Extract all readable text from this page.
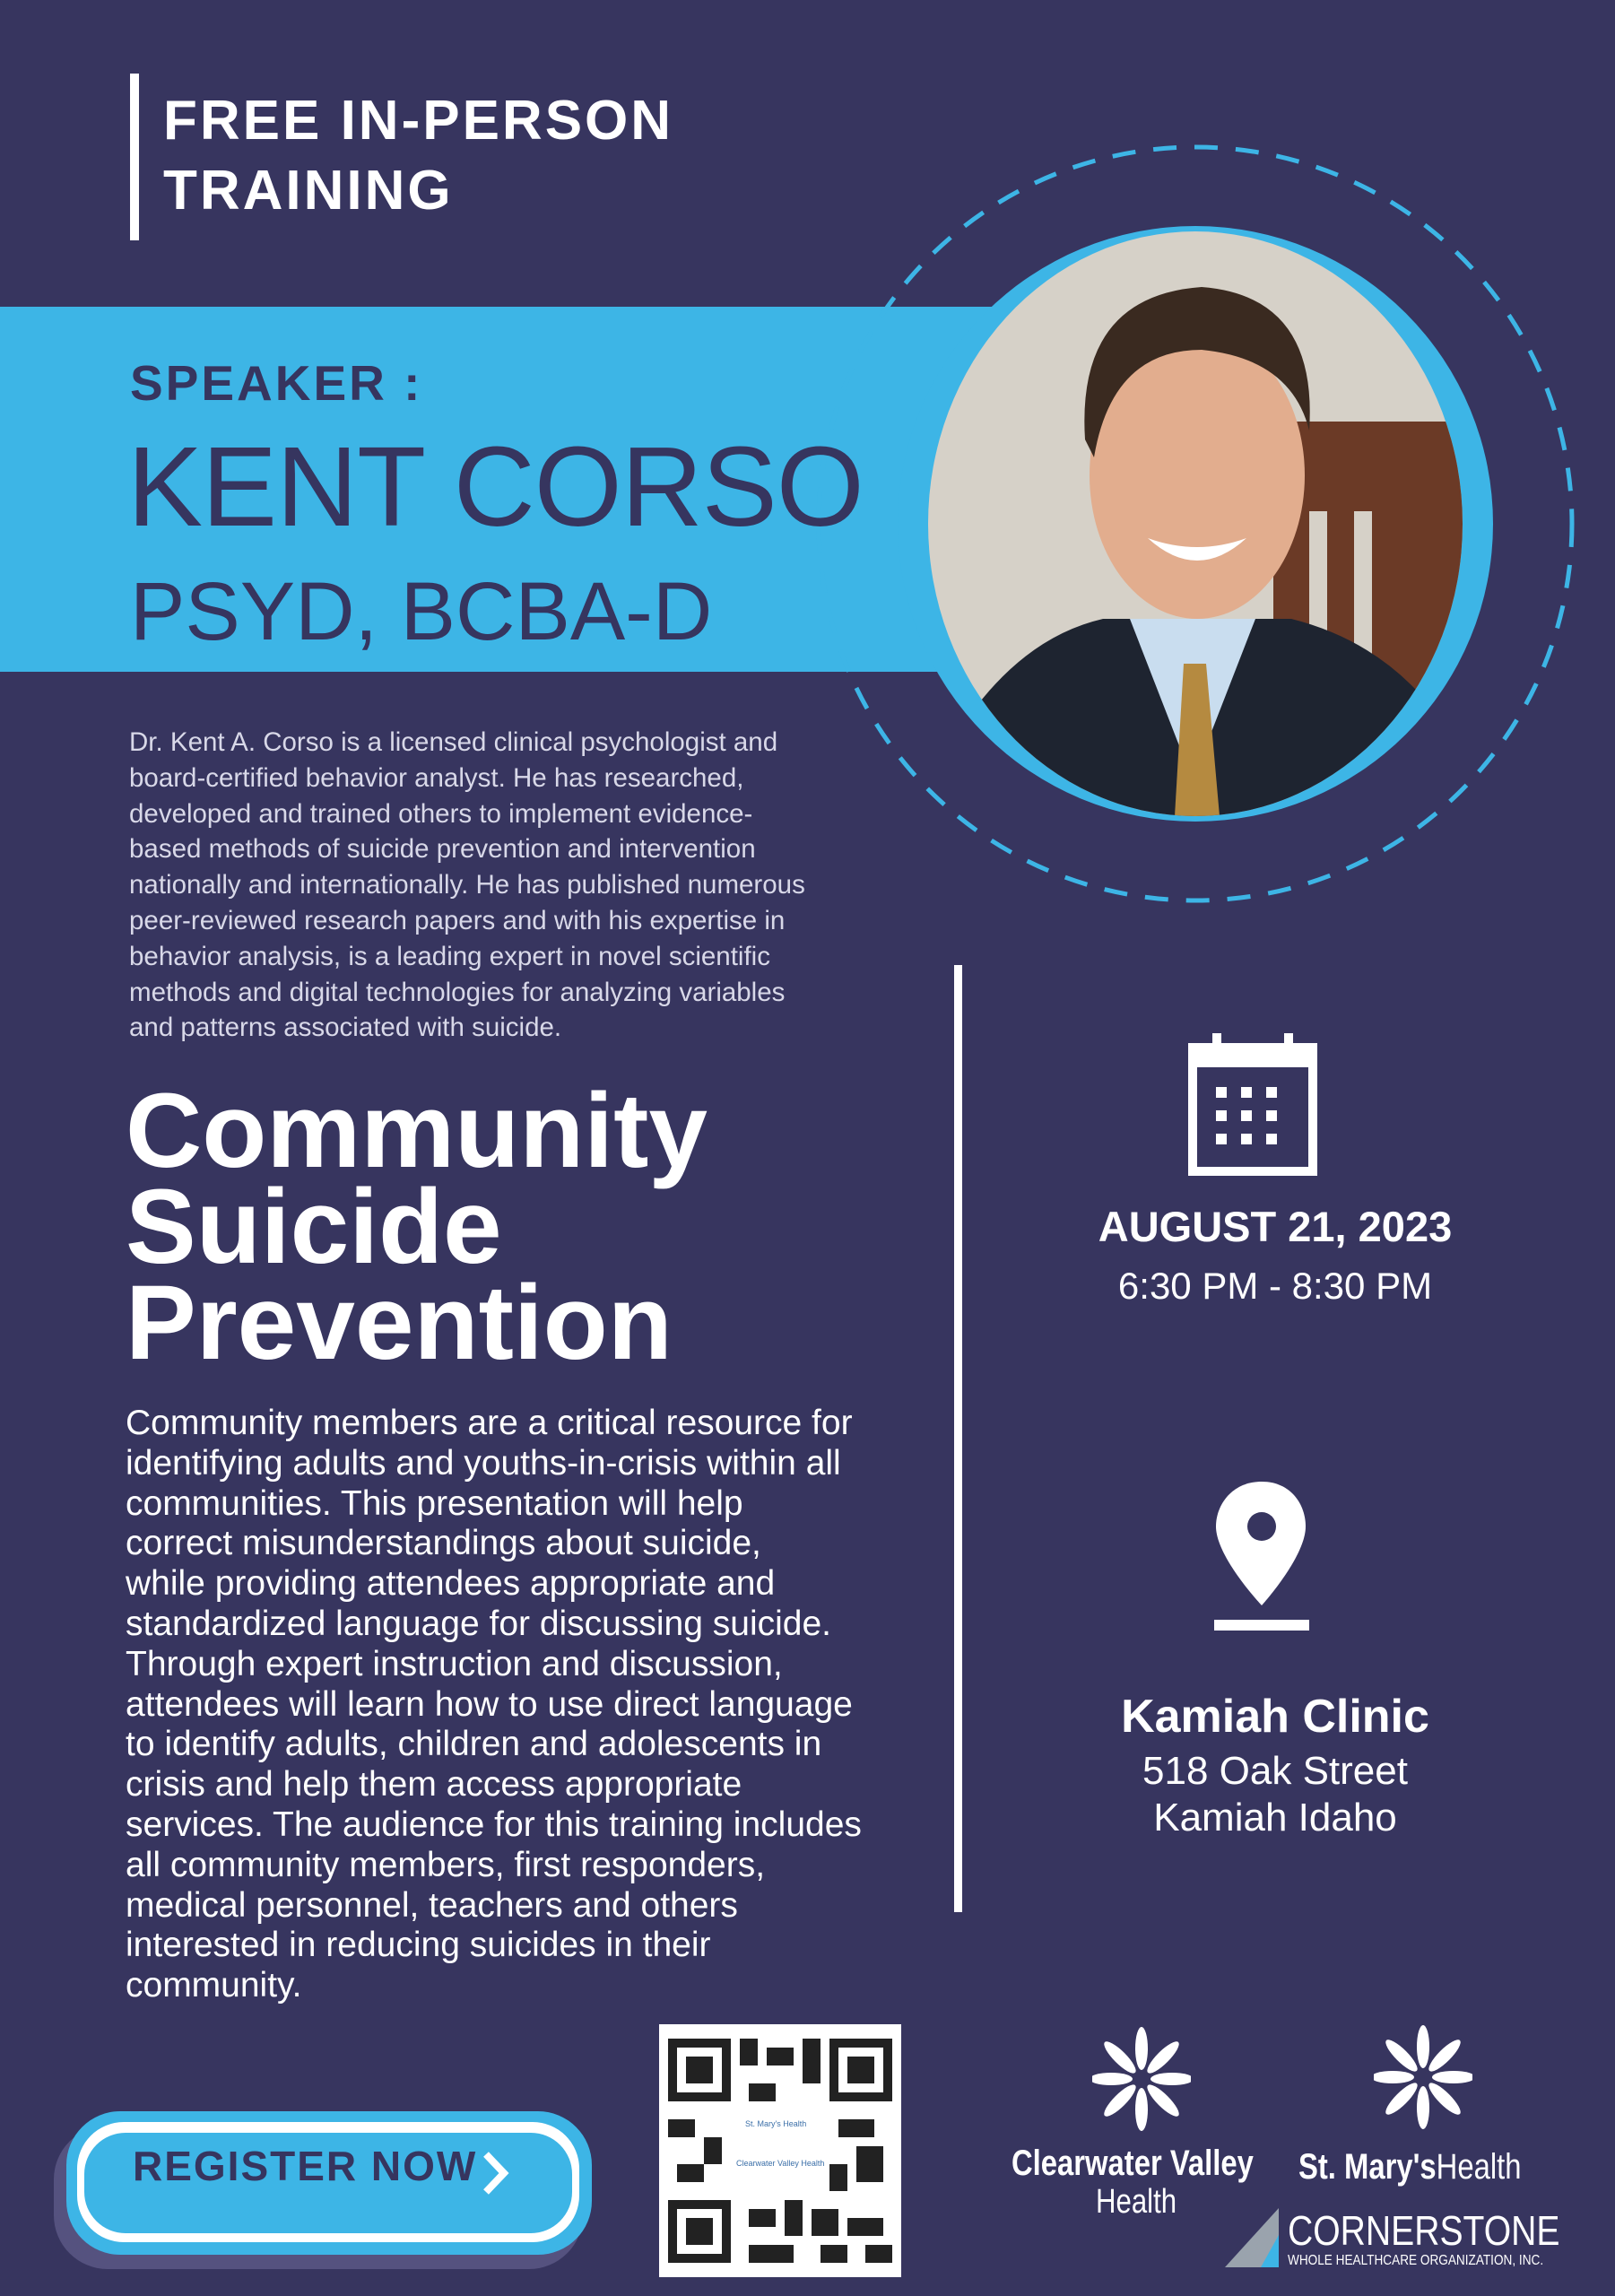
FREE IN-PERSON
TRAINING
SPEAKER :
KENT CORSO
PSYD, BCBA-D
Dr. Kent A. Corso is a licensed clinical psychologist and
board-certified behavior analyst. He has researched,
developed and trained others to implement evidence-
based methods of suicide prevention and intervention
nationally and internationally. He has published numerous
peer-reviewed research papers and with his expertise in
behavior analysis, is a leading expert in novel scientific
methods and digital technologies for analyzing variables
and patterns associated with suicide.
Community
Suicide
Prevention
Community members are a critical resource for
identifying adults and youths-in-crisis within all
communities. This presentation will help
correct misunderstandings about suicide,
while providing attendees appropriate and
standardized language for discussing suicide.
Through expert instruction and discussion,
attendees will learn how to use direct language
to identify adults, children and adolescents in
crisis and help them access appropriate
services. The audience for this training includes
all community members, first responders,
medical personnel, teachers and others
interested in reducing suicides in their
community.
AUGUST 21, 2023
6:30 PM - 8:30 PM
Kamiah Clinic
518 Oak Street
Kamiah Idaho
REGISTER NOW
St. Mary's Health
Clearwater Valley Health	Clearwater Valley
Health
St. Mary'sHealth
CORNERSTONE
WHOLE HEALTHCARE ORGANIZATION, INC.
